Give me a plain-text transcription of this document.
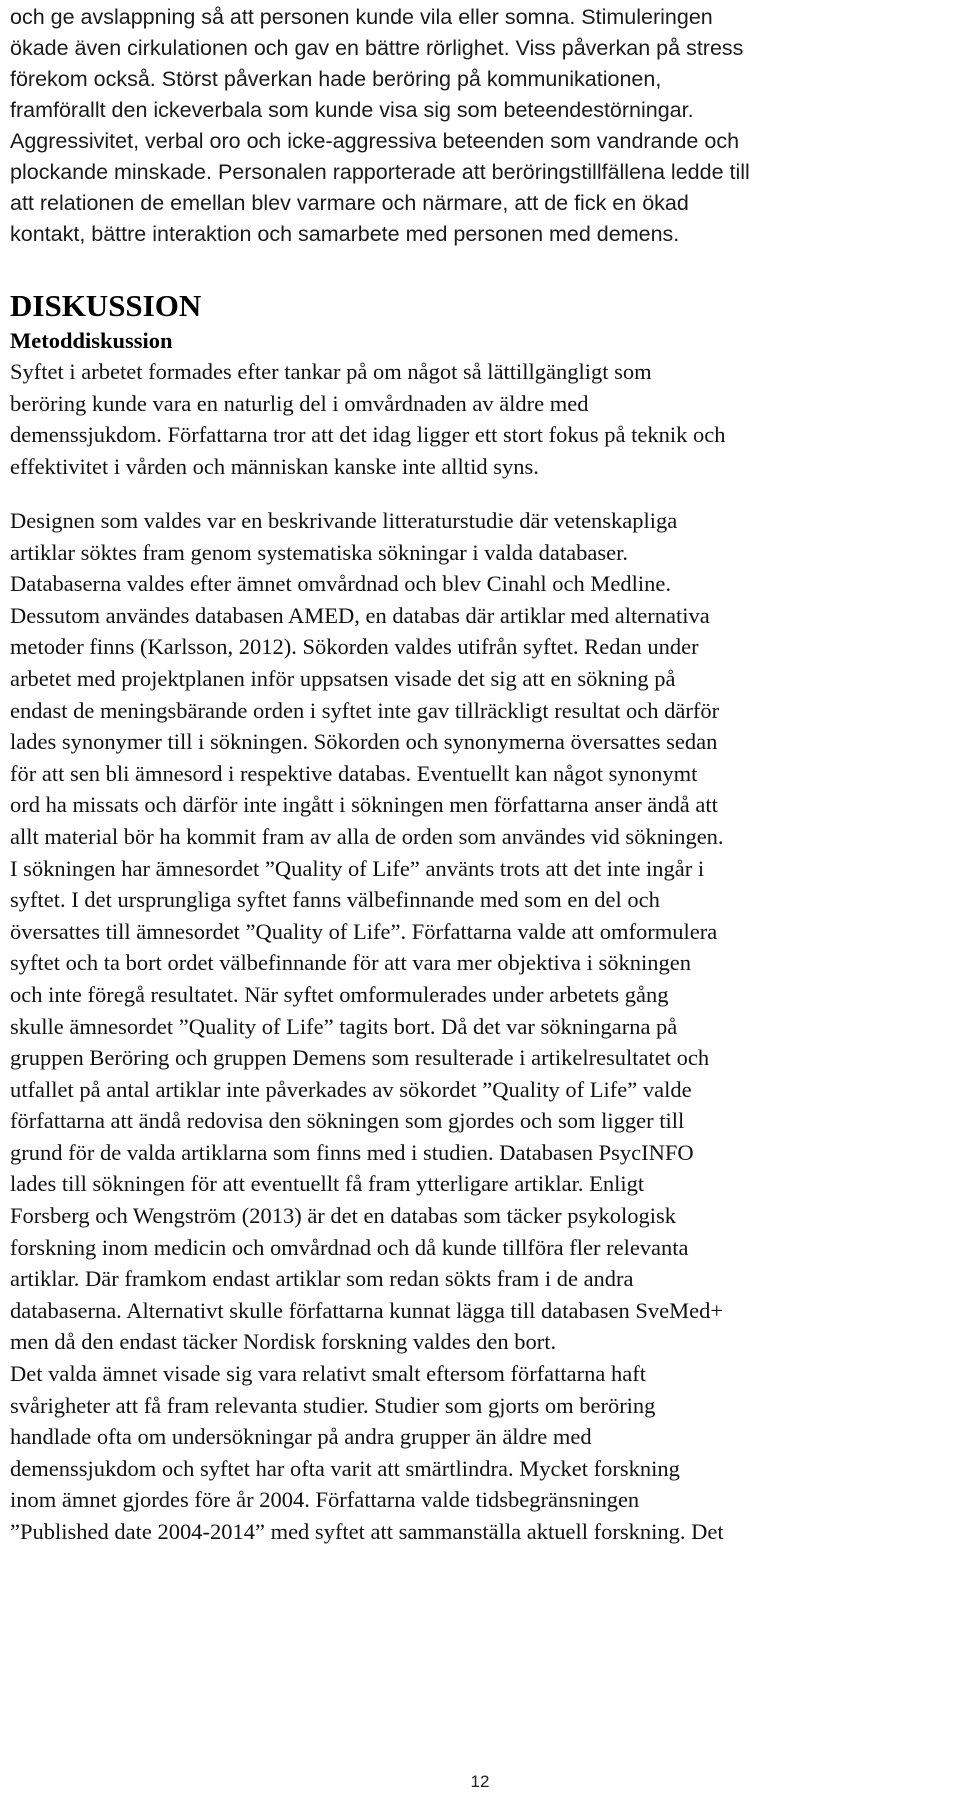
och ge avslappning så att personen kunde vila eller somna. Stimuleringen
ökade även cirkulationen och gav en bättre rörlighet. Viss påverkan på stress
förekom också. Störst påverkan hade beröring på kommunikationen,
framförallt den ickeverbala som kunde visa sig som beteendestörningar.
Aggressivitet, verbal oro och icke-aggressiva beteenden som vandrande och
plockande minskade. Personalen rapporterade att beröringstillfällena ledde till
att relationen de emellan blev varmare och närmare, att de fick en ökad
kontakt, bättre interaktion och samarbete med personen med demens.
DISKUSSION
Metoddiskussion
Syftet i arbetet formades efter tankar på om något så lättillgängligt som
beröring kunde vara en naturlig del i omvårdnaden av äldre med
demenssjukdom. Författarna tror att det idag ligger ett stort fokus på teknik och
effektivitet i vården och människan kanske inte alltid syns.
Designen som valdes var en beskrivande litteraturstudie där vetenskapliga
artiklar söktes fram genom systematiska sökningar i valda databaser.
Databaserna valdes efter ämnet omvårdnad och blev Cinahl och Medline.
Dessutom användes databasen AMED, en databas där artiklar med alternativa
metoder finns (Karlsson, 2012). Sökorden valdes utifrån syftet. Redan under
arbetet med projektplanen inför uppsatsen visade det sig att en sökning på
endast de meningsbärande orden i syftet inte gav tillräckligt resultat och därför
lades synonymer till i sökningen. Sökorden och synonymerna översattes sedan
för att sen bli ämnesord i respektive databas. Eventuellt kan något synonymt
ord ha missats och därför inte ingått i sökningen men författarna anser ändå att
allt material bör ha kommit fram av alla de orden som användes vid sökningen.
I sökningen har ämnesordet ”Quality of Life” använts trots att det inte ingår i
syftet. I det ursprungliga syftet fanns välbefinnande med som en del och
översattes till ämnesordet ”Quality of Life”. Författarna valde att omformulera
syftet och ta bort ordet välbefinnande för att vara mer objektiva i sökningen
och inte föregå resultatet. När syftet omformulerades under arbetets gång
skulle ämnesordet ”Quality of Life” tagits bort. Då det var sökningarna på
gruppen Beröring och gruppen Demens som resulterade i artikelresultatet och
utfallet på antal artiklar inte påverkades av sökordet ”Quality of Life” valde
författarna att ändå redovisa den sökningen som gjordes och som ligger till
grund för de valda artiklarna som finns med i studien. Databasen PsycINFO
lades till sökningen för att eventuellt få fram ytterligare artiklar. Enligt
Forsberg och Wengström (2013) är det en databas som täcker psykologisk
forskning inom medicin och omvårdnad och då kunde tillföra fler relevanta
artiklar. Där framkom endast artiklar som redan sökts fram i de andra
databaserna. Alternativt skulle författarna kunnat lägga till databasen SveMed+
men då den endast täcker Nordisk forskning valdes den bort.
Det valda ämnet visade sig vara relativt smalt eftersom författarna haft
svårigheter att få fram relevanta studier. Studier som gjorts om beröring
handlade ofta om undersökningar på andra grupper än äldre med
demenssjukdom och syftet har ofta varit att smärtlindra. Mycket forskning
inom ämnet gjordes före år 2004. Författarna valde tidsbegränsningen
”Published date 2004-2014” med syftet att sammanställa aktuell forskning. Det
12
